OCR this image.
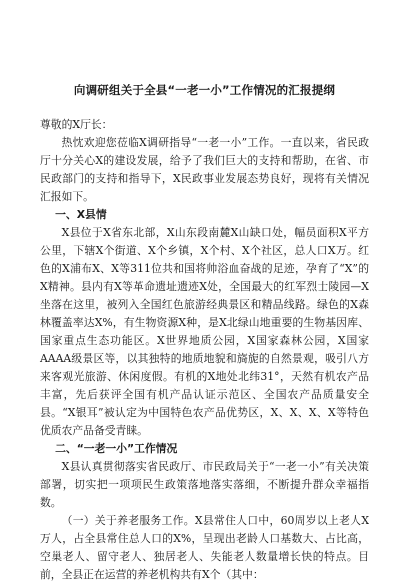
向调研组关于全县“一老一小”工作情况的汇报提纲

尊敬的X厅长：

热忱欢迎您莅临X调研指导“一老一小”工作。一直以来，省民政厅十分关心X的建设发展，给予了我们巨大的支持和帮助，在省、市民政部门的支持和指导下，X民政事业发展态势良好，现将有关情况汇报如下。

一、X县情

X县位于X省东北部，X山东段南麓X山缺口处，幅员面积X平方公里，下辖X个街道、X个乡镇，X个村、X个社区，总人口X万。红色的X浦布X、X等311位共和国将帅浴血奋战的足迹，孕育了“X”的X精神。县内有X等革命遗址遗迹X处，全国最大的红军烈士陵园—X坐落在这里，被列入全国红色旅游经典景区和精品线路。绿色的X森林覆盖率达X%，有生物资源X种，是X北绿山地重要的生物基因库、国家重点生态功能区。X世界地质公园，X国家森林公园，X国家AAAA级景区等，以其独特的地质地貌和旖旎的自然景观，吸引八方来客观光旅游、休闲度假。有机的X地处北纬31°，天然有机农产品丰富，先后获评全国有机产品认证示范区、全国农产品质量安全县。“X银耳”被认定为中国特色农产品优势区，X、X、X、X等特色优质农产品备受青睐。

二、“一老一小”工作情况

X县认真贯彻落实省民政厅、市民政局关于“一老一小”有关决策部署，切实把一项项民生政策落地落实落细，不断提升群众幸福指数。

（一）关于养老服务工作。X县常住人口中，60周岁以上老人X万人，占全县常住总人口的X%，呈现出老龄人口基数大、占比高，空巢老人、留守老人、独居老人、失能老人数量增长快的特点。目前，全县正在运营的养老机构共有X个（其中：
